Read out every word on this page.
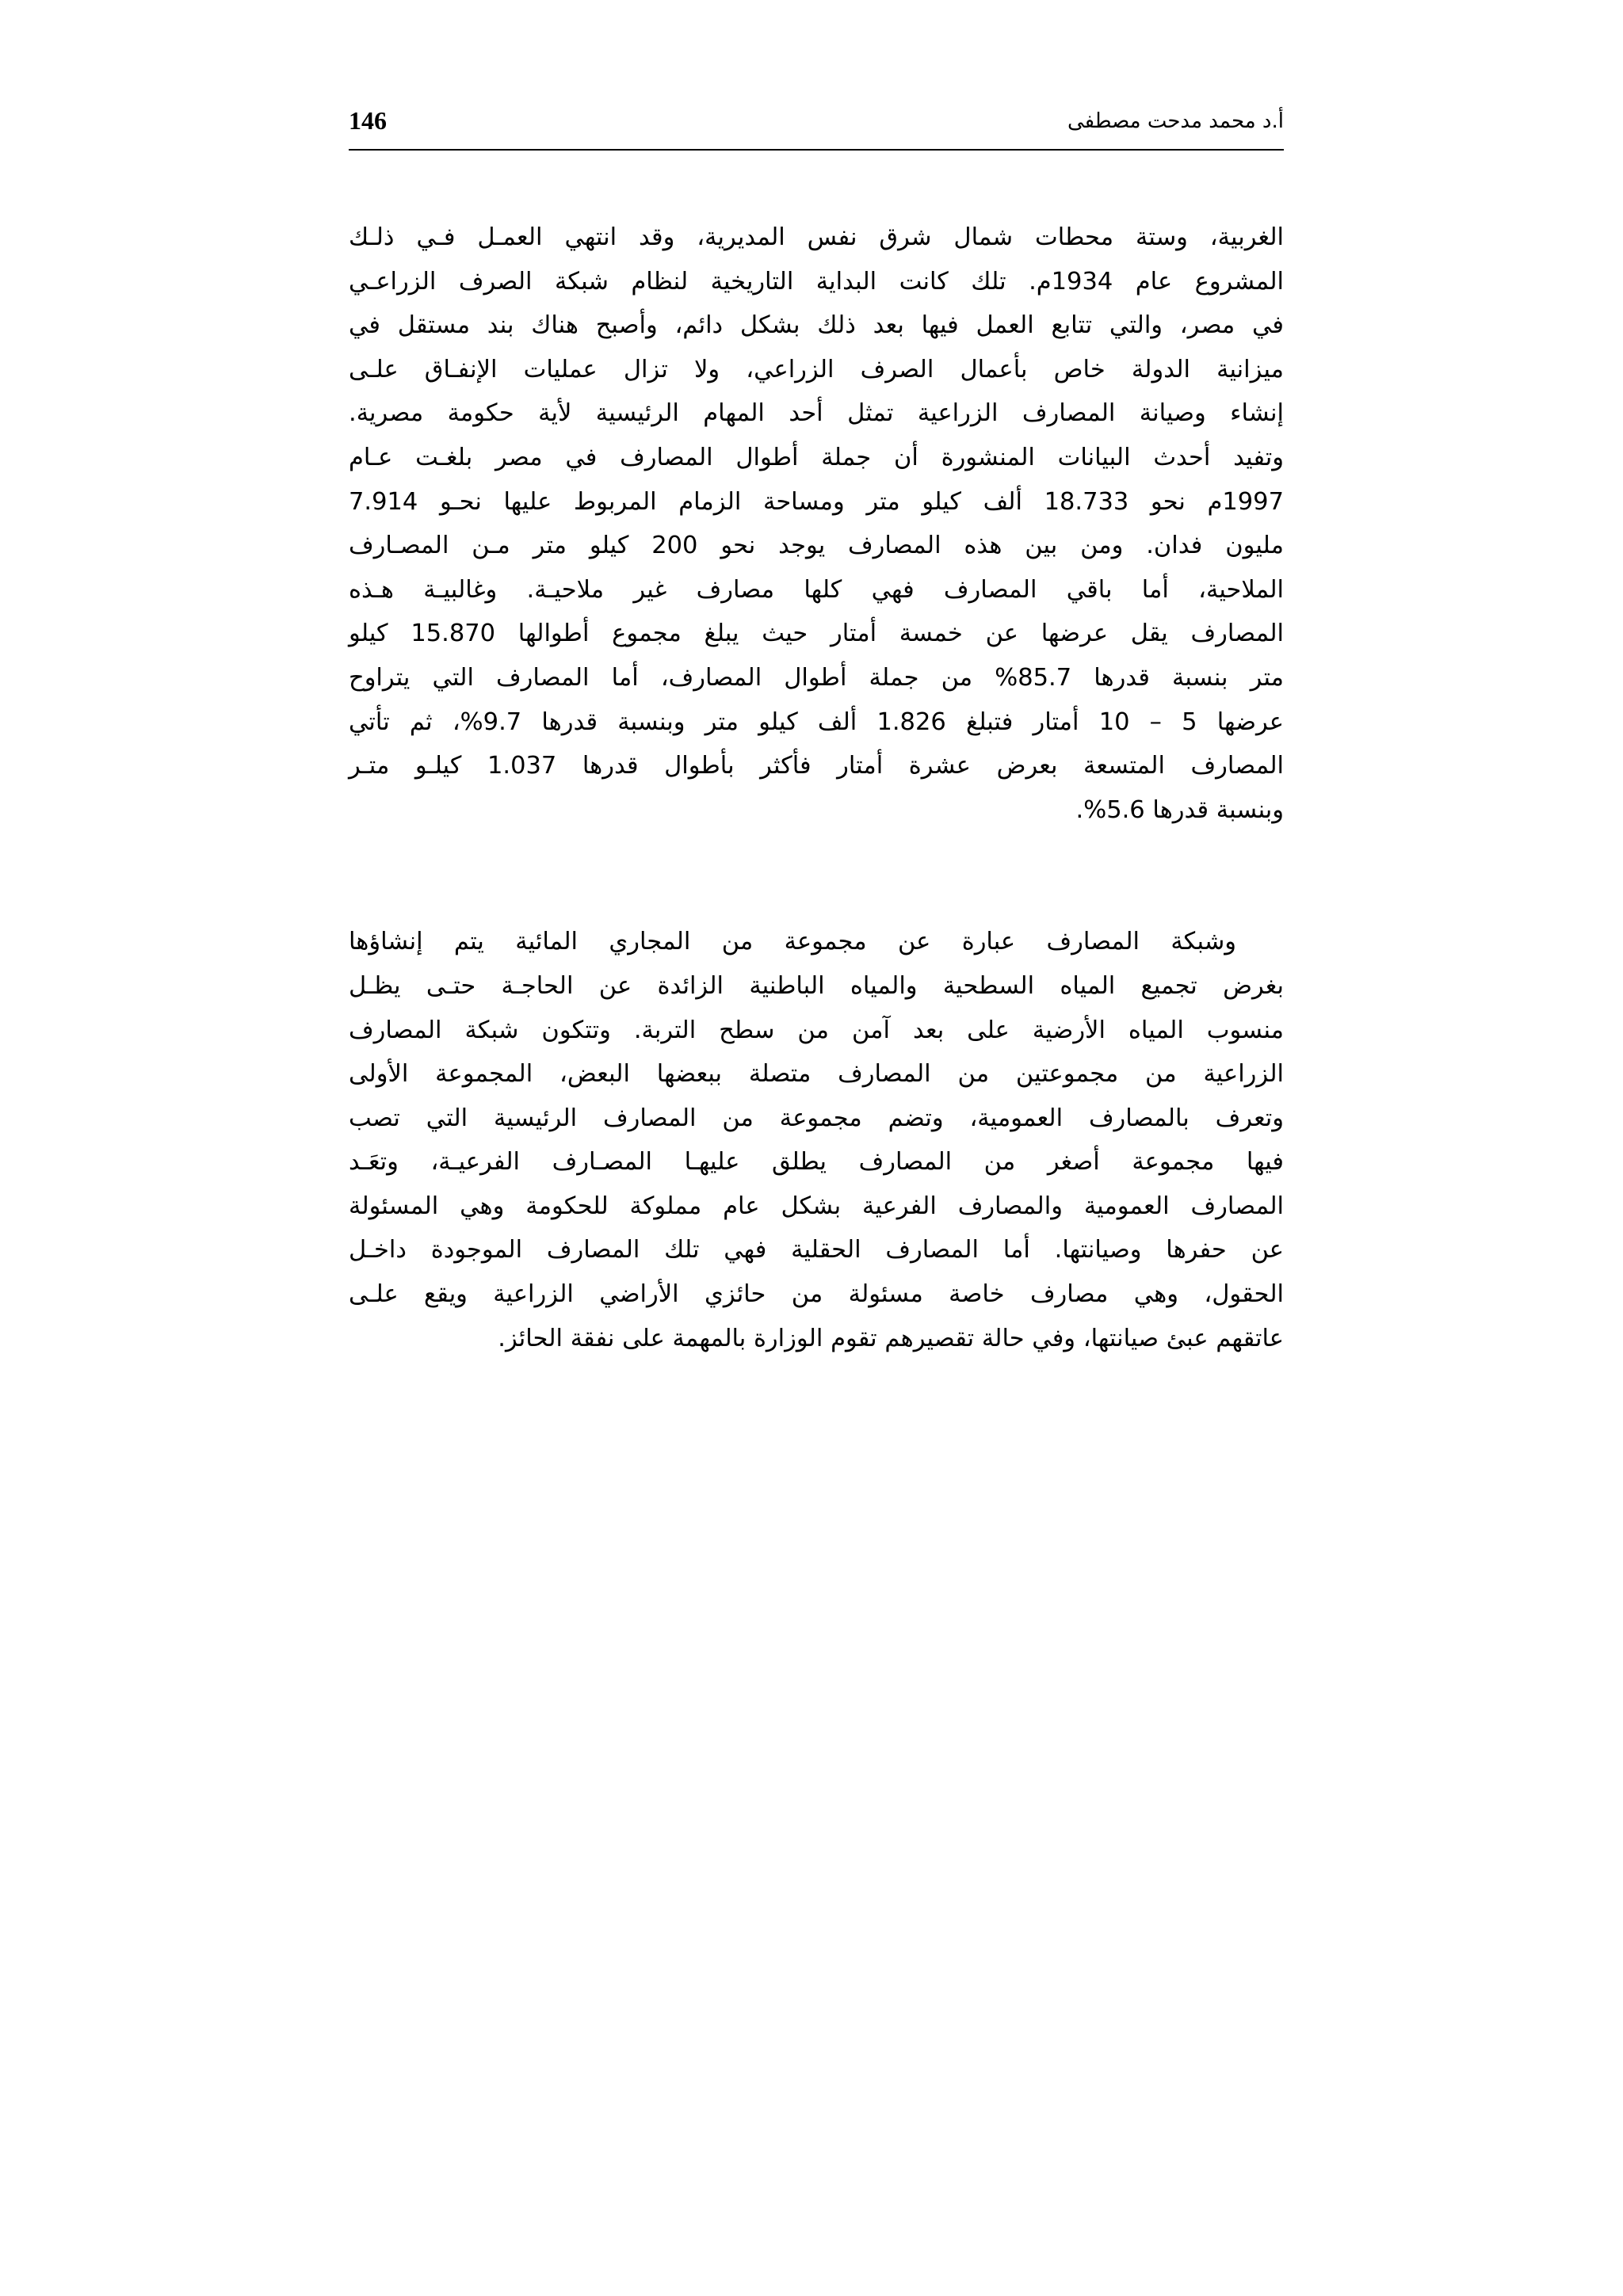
146	أ.د محمد مدحت مصطفى

الغربية، وستة محطات شمال شرق نفس المديرية، وقد انتهي العمـل فـي ذلـك
المشروع عام 1934م. تلك كانت البداية التاريخية لنظام شبكة الصرف الزراعـي
في مصر، والتي تتابع العمل فيها بعد ذلك بشكل دائم، وأصبح هناك بند مستقل في
ميزانية الدولة خاص بأعمال الصرف الزراعي، ولا تزال عمليات الإنفـاق علـى
إنشاء وصيانة المصارف الزراعية تمثل أحد المهام الرئيسية لأية حكومة مصرية.
وتفيد أحدث البيانات المنشورة أن جملة أطوال المصارف في مصر بلغـت عـام
1997م نحو 18.733 ألف كيلو متر ومساحة الزمام المربوط عليها نحـو 7.914
مليون فدان. ومن بين هذه المصارف يوجد نحو 200 كيلو متر مـن المصـارف
الملاحية، أما باقي المصارف فهي كلها مصارف غير ملاحيـة. وغالبيـة هـذه
المصارف يقل عرضها عن خمسة أمتار حيث يبلغ مجموع أطوالها 15.870 كيلو
متر بنسبة قدرها 85.7% من جملة أطوال المصارف، أما المصارف التي يتراوح
عرضها 5 – 10 أمتار فتبلغ 1.826 ألف كيلو متر وبنسبة قدرها 9.7%، ثم تأتي
المصارف المتسعة بعرض عشرة أمتار فأكثر بأطوال قدرها 1.037 كيلـو متـر
وبنسبة قدرها 5.6%.

وشبكة المصارف عبارة عن مجموعة من المجاري المائية يتم إنشاؤها
بغرض تجميع المياه السطحية والمياه الباطنية الزائدة عن الحاجـة حتـى يظـل
منسوب المياه الأرضية على بعد آمن من سطح التربة. وتتكون شبكة المصارف
الزراعية من مجموعتين من المصارف متصلة ببعضها البعض، المجموعة الأولى
وتعرف بالمصارف العمومية، وتضم مجموعة من المصارف الرئيسية التي تصب
فيها مجموعة أصغر من المصارف يطلق عليهـا المصـارف الفرعيـة، وتعَـد
المصارف العمومية والمصارف الفرعية بشكل عام مملوكة للحكومة وهي المسئولة
عن حفرها وصيانتها. أما المصارف الحقلية فهي تلك المصارف الموجودة داخـل
الحقول، وهي مصارف خاصة مسئولة من حائزي الأراضي الزراعية ويقع علـى
عاتقهم عبئ صيانتها، وفي حالة تقصيرهم تقوم الوزارة بالمهمة على نفقة الحائز.
